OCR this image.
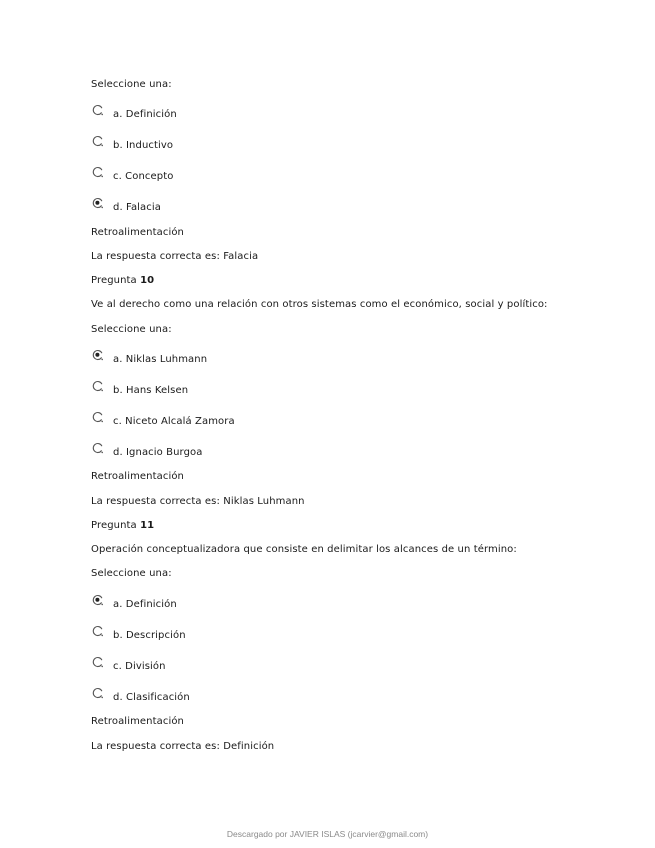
Seleccione una:
a. Definición
b. Inductivo
c. Concepto
d. Falacia
Retroalimentación
La respuesta correcta es: Falacia
Pregunta 10
Ve al derecho como una relación con otros sistemas como el económico, social y político:
Seleccione una:
a. Niklas Luhmann
b. Hans Kelsen
c. Niceto Alcalá Zamora
d. Ignacio Burgoa
Retroalimentación
La respuesta correcta es: Niklas Luhmann
Pregunta 11
Operación conceptualizadora que consiste en delimitar los alcances de un término:
Seleccione una:
a. Definición
b. Descripción
c. División
d. Clasificación
Retroalimentación
La respuesta correcta es: Definición
Descargado por JAVIER ISLAS (jcarvier@gmail.com)
